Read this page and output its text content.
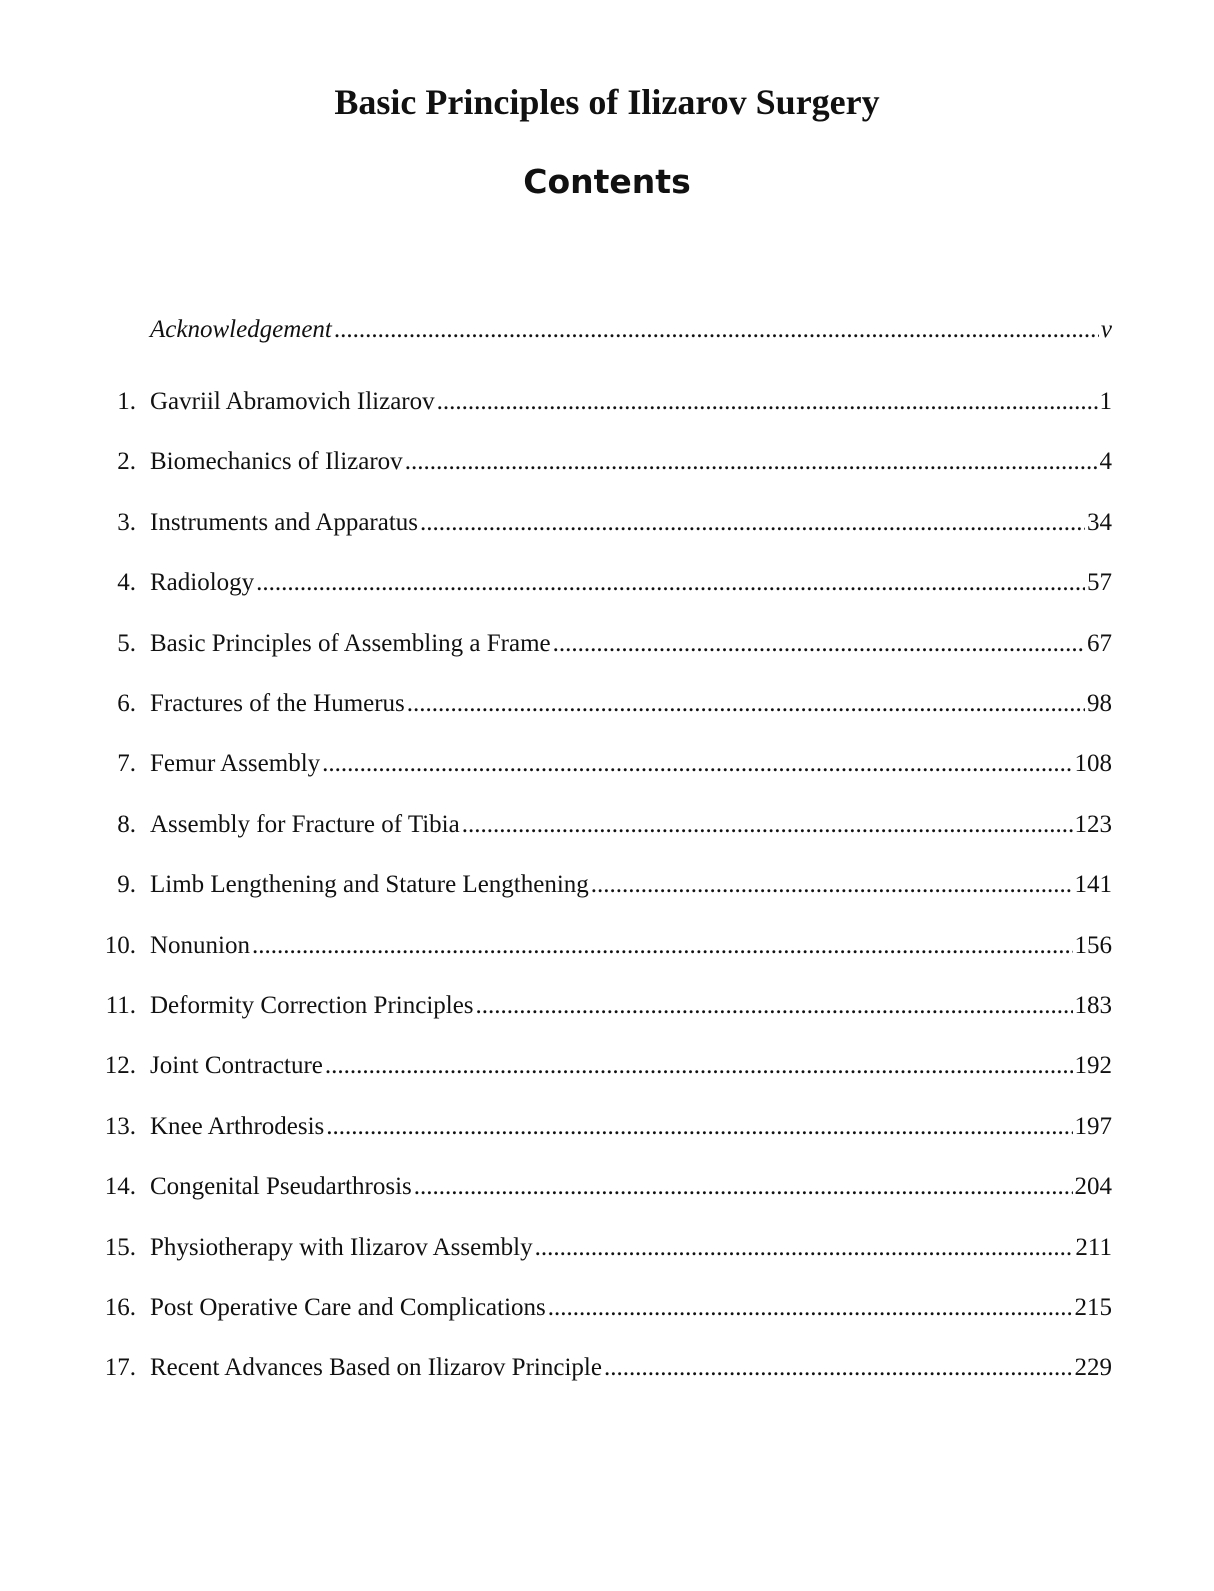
Basic Principles of Ilizarov Surgery
Contents
Acknowledgement .....	v
1. Gavriil Abramovich Ilizarov .....	1
2. Biomechanics of Ilizarov .....	4
3. Instruments and Apparatus .....	34
4. Radiology .....	57
5. Basic Principles of Assembling a Frame .....	67
6. Fractures of the Humerus .....	98
7. Femur Assembly .....	108
8. Assembly for Fracture of Tibia .....	123
9. Limb Lengthening and Stature Lengthening .....	141
10. Nonunion .....	156
11. Deformity Correction Principles .....	183
12. Joint Contracture .....	192
13. Knee Arthrodesis .....	197
14. Congenital Pseudarthrosis .....	204
15. Physiotherapy with Ilizarov Assembly .....	211
16. Post Operative Care and Complications .....	215
17. Recent Advances Based on Ilizarov Principle .....	229
